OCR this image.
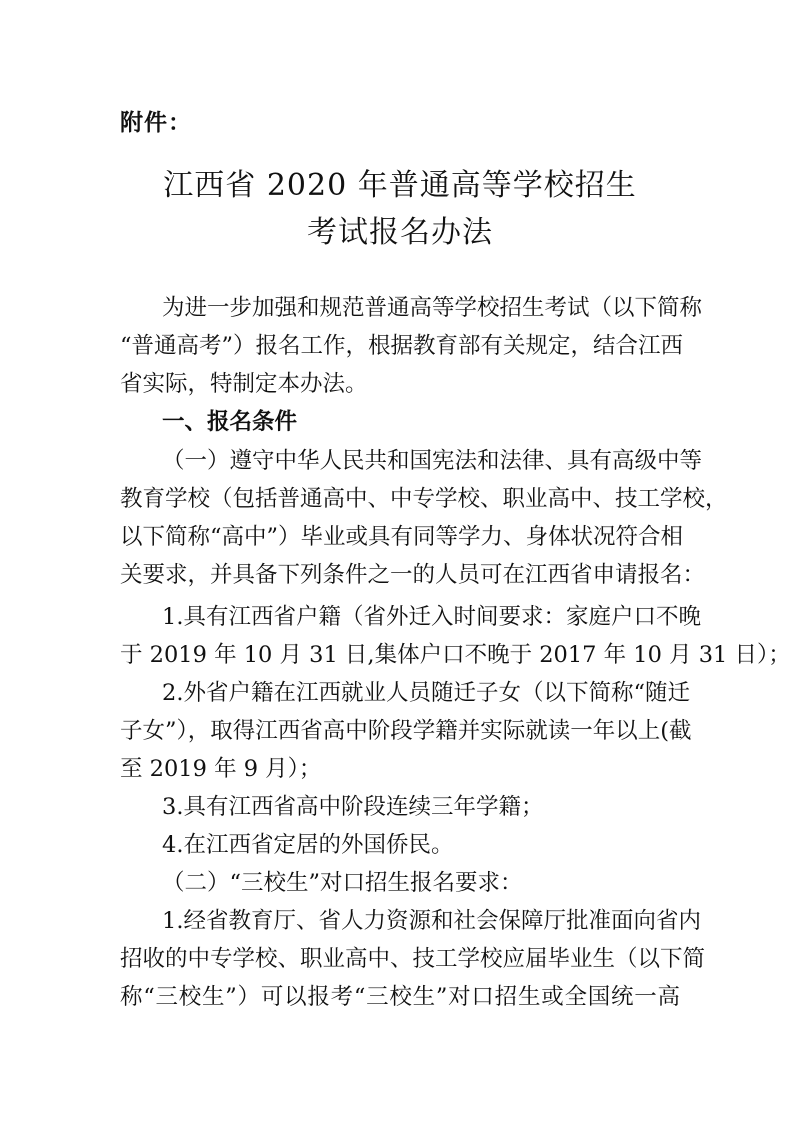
附件：
江西省 2020 年普通高等学校招生
考试报名办法
为进一步加强和规范普通高等学校招生考试（以下简称
“普通高考”）报名工作，根据教育部有关规定，结合江西
省实际，特制定本办法。
一、报名条件
（一）遵守中华人民共和国宪法和法律、具有高级中等
教育学校（包括普通高中、中专学校、职业高中、技工学校，
以下简称“高中”）毕业或具有同等学力、身体状况符合相
关要求，并具备下列条件之一的人员可在江西省申请报名：
1.具有江西省户籍（省外迁入时间要求：家庭户口不晚
于 2019 年 10 月 31 日,集体户口不晚于 2017 年 10 月 31 日）；
2.外省户籍在江西就业人员随迁子女（以下简称“随迁
子女”），取得江西省高中阶段学籍并实际就读一年以上(截
至 2019 年 9 月）；
3.具有江西省高中阶段连续三年学籍；
4.在江西省定居的外国侨民。
（二）“三校生”对口招生报名要求：
1.经省教育厅、省人力资源和社会保障厅批准面向省内
招收的中专学校、职业高中、技工学校应届毕业生（以下简
称“三校生”）可以报考“三校生”对口招生或全国统一高
